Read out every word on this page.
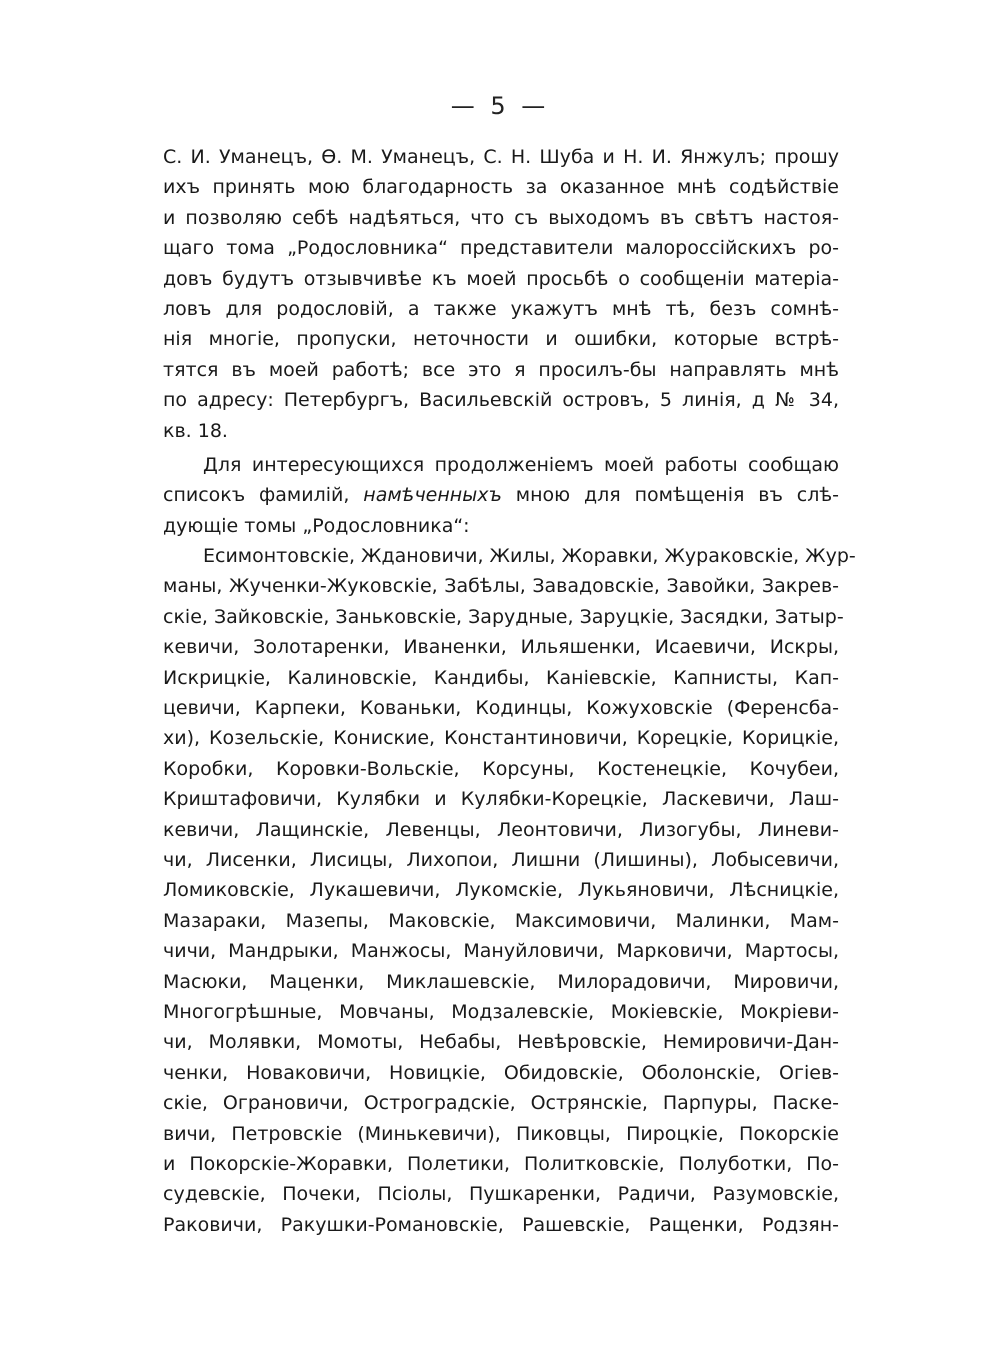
— 5 —
С. И. Уманецъ, Ѳ. М. Уманецъ, С. Н. Шуба и Н. И. Янжулъ; прошу
ихъ принять мою благодарность за оказанное мнѣ содѣйствіе
и позволяю себѣ надѣяться, что съ выходомъ въ свѣтъ настоя-
щаго тома „Родословника“ представители малороссійскихъ ро-
довъ будутъ отзывчивѣе къ моей просьбѣ о сообщеніи матеріа-
ловъ для родословій, а также укажутъ мнѣ тѣ, безъ сомнѣ-
нія многіе, пропуски, неточности и ошибки, которые встрѣ-
тятся въ моей работѣ; все это я просилъ-бы направлять мнѣ
по адресу: Петербургъ, Васильевскій островъ, 5 линія, д № 34,
кв. 18.
Для интересующихся продолженіемъ моей работы сообщаю
списокъ фамилій, намѣченныхъ мною для помѣщенія въ слѣ-
дующіе томы „Родословника“:
Есимонтовскіе, Ждановичи, Жилы, Жоравки, Жураковскіе, Жур-
маны, Жученки-Жуковскіе, Забѣлы, Завадовскіе, Завойки, Закрев-
скіе, Зайковскіе, Заньковскіе, Зарудные, Заруцкіе, Засядки, Затыр-
кевичи, Золотаренки, Иваненки, Ильяшенки, Исаевичи, Искры,
Искрицкіе, Калиновскіе, Кандибы, Каніевскіе, Капнисты, Кап-
цевичи, Карпеки, Кованьки, Кодинцы, Кожуховскіе (Ференсба-
хи), Козельскіе, Кониские, Константиновичи, Корецкіе, Корицкіе,
Коробки, Коровки-Вольскіе, Корсуны, Костенецкіе, Кочубеи,
Криштафовичи, Кулябки и Кулябки-Корецкіе, Ласкевичи, Лаш-
кевичи, Лащинскіе, Левенцы, Леонтовичи, Лизогубы, Линеви-
чи, Лисенки, Лисицы, Лихопои, Лишни (Лишины), Лобысевичи,
Ломиковскіе, Лукашевичи, Лукомскіе, Лукьяновичи, Лѣсницкіе,
Мазараки, Мазепы, Маковскіе, Максимовичи, Малинки, Мам-
чичи, Мандрыки, Манжосы, Мануйловичи, Марковичи, Мартосы,
Масюки, Маценки, Миклашевскіе, Милорадовичи, Мировичи,
Многогрѣшные, Мовчаны, Модзалевскіе, Мокіевскіе, Мокріеви-
чи, Молявки, Момоты, Небабы, Невѣровскіе, Немировичи-Дан-
ченки, Новаковичи, Новицкіе, Обидовскіе, Оболонскіе, Огіев-
скіе, Ограновичи, Остроградскіе, Острянскіе, Парпуры, Паске-
вичи, Петровскіе (Минькевичи), Пиковцы, Пироцкіе, Покорскіе
и Покорскіе-Жоравки, Полетики, Политковскіе, Полуботки, По-
судевскіе, Почеки, Псіолы, Пушкаренки, Радичи, Разумовскіе,
Раковичи, Ракушки-Романовскіе, Рашевскіе, Ращенки, Родзян-
